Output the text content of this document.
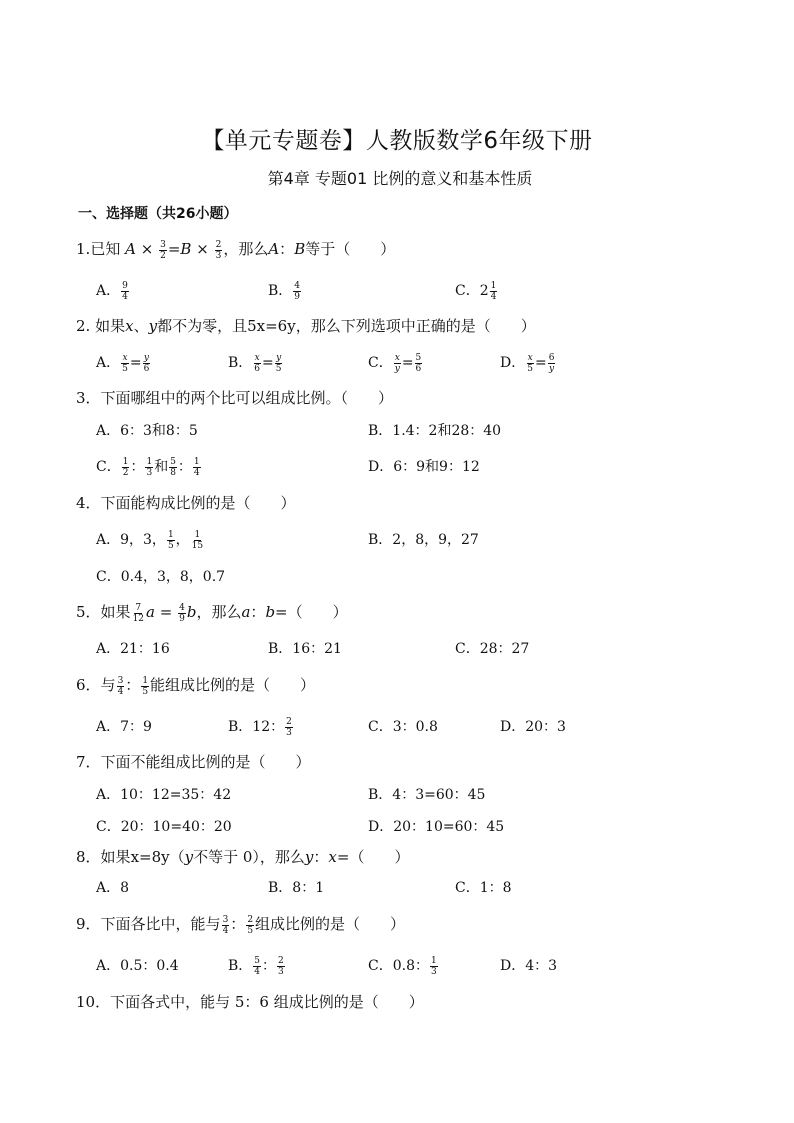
【单元专题卷】人教版数学6年级下册
第4章 专题01 比例的意义和基本性质
一、选择题（共26小题）
1.已知 $A \times \frac{3}{2} =B \times \frac{2}{3}$ ，那么A：B等于（　　）
A． $\frac{9}{4}$	B． $\frac{4}{9}$	C． 2 1
4
2. 如果x、y都不为零，且5x=6y，那么下列选项中正确的是（　　）
A． $\frac{x}{5} = \frac{y}{6}$	B． $\frac{x}{6} = \frac{y}{5}$	C． $\frac{x}{y} = \frac{5}{6}$	D． $\frac{x}{5} = \frac{6}{y}$
3．下面哪组中的两个比可以组成比例。（　　）
A．6：3和8：5	B．1.4：2和28：40
C． $\frac{1}{2}$ ： $\frac{1}{3}$ 和 $\frac{5}{8}$ ： $\frac{1}{4}$	D．6：9和9：12
4．下面能构成比例的是（　　）
A．9，3， $\frac{1}{5}$ ， $\frac{1}{15}$	B．2，8，9，27
C．0.4，3，8，0.7
5．如果 $\frac{7}{12}$ $a = \frac{4}{9}$ b，那么a：b=（　　）
A．21：16	B．16：21	C．28：27
6．与 $\frac{3}{4}$ ： $\frac{1}{5}$ 能组成比例的是（　　）
A．7：9	B．12： $\frac{2}{3}$	C．3：0.8	D．20：3
7．下面不能组成比例的是（　　）
A．10：12=35：42	B．4：3=60：45
C．20：10=40：20	D．20：10=60：45
8．如果x=8y（y不等于 0），那么y：x=（　　）
A．8	B．8：1	C．1：8
9．下面各比中，能与 $\frac{3}{4}$ ： $\frac{2}{5}$ 组成比例的是（　　）
A．0.5：0.4	B． $\frac{5}{4}$ ： $\frac{2}{3}$	C．0.8： $\frac{1}{3}$	D．4：3
10．下面各式中，能与 5：6 组成比例的是（　　）
